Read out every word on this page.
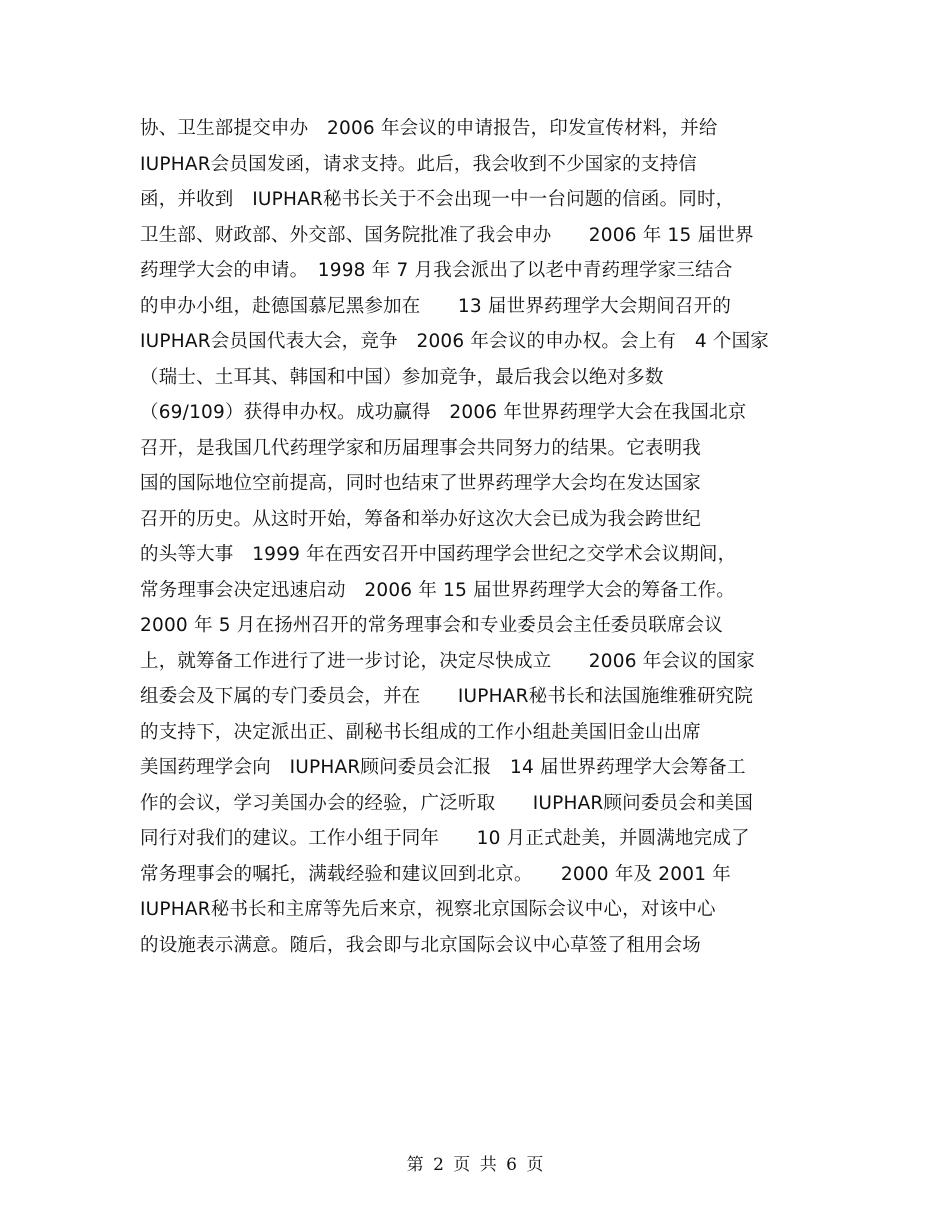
协、卫生部提交申办　2006 年会议的申请报告，印发宣传材料，并给
IUPHAR会员国发函，请求支持。此后，我会收到不少国家的支持信
函，并收到　IUPHAR秘书长关于不会出现一中一台问题的信函。同时，
卫生部、财政部、外交部、国务院批准了我会申办　　2006 年 15 届世界
药理学大会的申请。　1998 年 7 月我会派出了以老中青药理学家三结合
的申办小组，赴德国慕尼黑参加在　　13 届世界药理学大会期间召开的
IUPHAR会员国代表大会，竞争　2006 年会议的申办权。会上有　4 个国家
（瑞士、土耳其、韩国和中国）参加竞争，最后我会以绝对多数
（69/109）获得申办权。成功赢得　2006 年世界药理学大会在我国北京
召开，是我国几代药理学家和历届理事会共同努力的结果。它表明我
国的国际地位空前提高，同时也结束了世界药理学大会均在发达国家
召开的历史。从这时开始，筹备和举办好这次大会已成为我会跨世纪
的头等大事　1999 年在西安召开中国药理学会世纪之交学术会议期间，
常务理事会决定迅速启动　2006 年 15 届世界药理学大会的筹备工作。
2000 年 5 月在扬州召开的常务理事会和专业委员会主任委员联席会议
上，就筹备工作进行了进一步讨论，决定尽快成立　　2006 年会议的国家
组委会及下属的专门委员会，并在　　IUPHAR秘书长和法国施维雅研究院
的支持下，决定派出正、副秘书长组成的工作小组赴美国旧金山出席
美国药理学会向　IUPHAR顾问委员会汇报　14 届世界药理学大会筹备工
作的会议，学习美国办会的经验，广泛听取　　IUPHAR顾问委员会和美国
同行对我们的建议。工作小组于同年　　10 月正式赴美，并圆满地完成了
常务理事会的嘱托，满载经验和建议回到北京。　　2000 年及 2001 年
IUPHAR秘书长和主席等先后来京，视察北京国际会议中心，对该中心
的设施表示满意。随后，我会即与北京国际会议中心草签了租用会场
第 2 页 共 6 页
